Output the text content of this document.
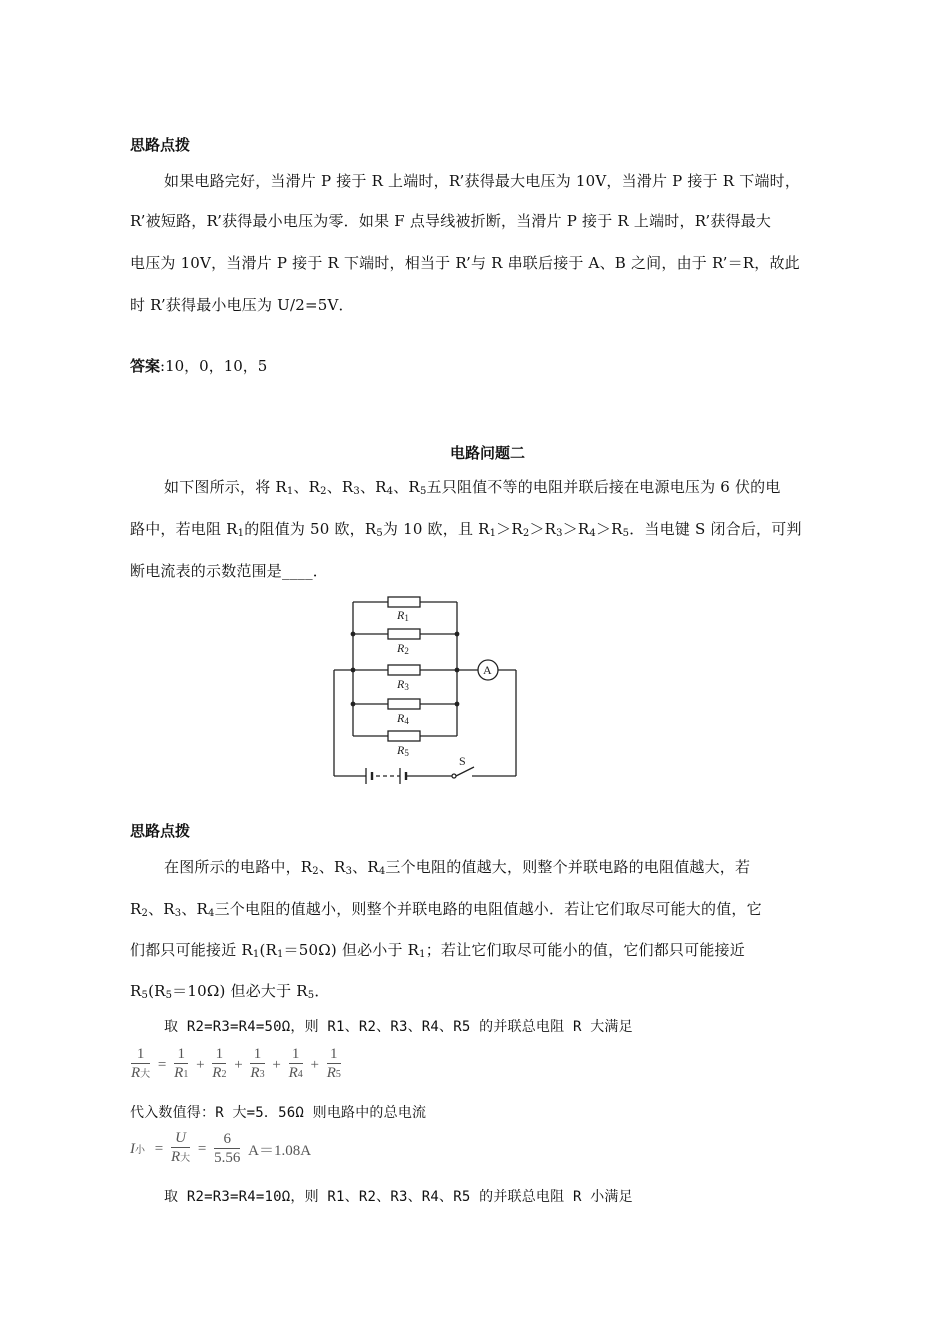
思路点拨
如果电路完好，当滑片 P 接于 R 上端时，R’获得最大电压为 10V，当滑片 P 接于 R 下端时，
R’被短路，R’获得最小电压为零．如果 F 点导线被折断，当滑片 P 接于 R 上端时，R’获得最大
电压为 10V，当滑片 P 接于 R 下端时，相当于 R’与 R 串联后接于 A、B 之间，由于 R’＝R，故此
时 R’获得最小电压为 U/2=5V．
答案:10，0，10，5
电路问题二
如下图所示，将 $R_1$、$R_2$、$R_3$、$R_4$、$R_5$五只阻值不等的电阻并联后接在电源电压为 6 伏的电
路中，若电阻 $R_1$的阻值为 50 欧，$R_5$为 10 欧，且 $R_1>R_2>R_3>R_4>R_5$．当电键 S 闭合后，可判
断电流表的示数范围是____．
R1
R2
R3
R4
R5
A
S
思路点拨
在图所示的电路中，$R_2$、$R_3$、$R_4$三个电阻的值越大，则整个并联电路的电阻值越大，若
$R_2$、$R_3$、$R_4$三个电阻的值越小，则整个并联电路的电阻值越小．若让它们取尽可能大的值，它
们都只可能接近 $R_1(R_1=50\Omega)$ 但必小于 $R_1$；若让它们取尽可能小的值，它们都只可能接近
$R_5(R_5=10\Omega)$ 但必大于 $R_5$．
取 R2=R3=R4=50Ω，则 R1、R2、R3、R4、R5 的并联总电阻 R 大满足
$\frac{1}{\text{R大}} = \frac{1}{R1} + \frac{1}{R2} + \frac{1}{R3} + \frac{1}{R4} + \frac{1}{R5}$
代入数值得：R 大=5．56Ω 则电路中的总电流
I小 = $\frac{U}{\text{R大}} = \frac{6}{5.56} A=1.08A$
取 R2=R3=R4=10Ω，则 R1、R2、R3、R4、R5 的并联总电阻 R 小满足
